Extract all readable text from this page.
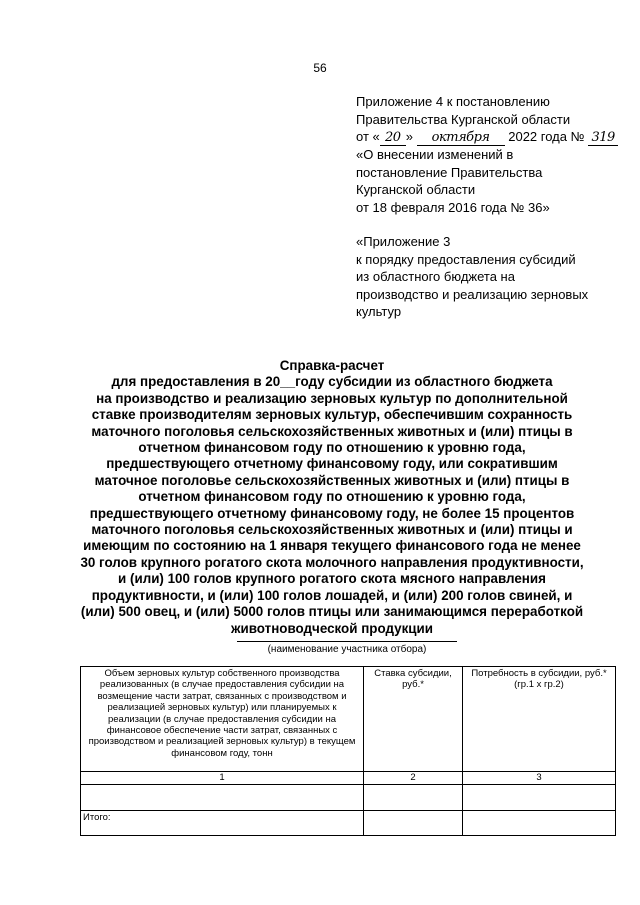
56
Приложение 4 к постановлению
Правительства Курганской области
от « 20 » октября 2022 года № 319
«О внесении изменений в
постановление Правительства
Курганской области
от 18 февраля 2016 года № 36»
«Приложение 3
к порядку предоставления субсидий
из областного бюджета на
производство и реализацию зерновых
культур
Справка-расчет
для предоставления в 20__году субсидии из областного бюджета
на производство и реализацию зерновых культур по дополнительной
ставке производителям зерновых культур, обеспечившим сохранность
маточного поголовья сельскохозяйственных животных и (или) птицы в
отчетном финансовом году по отношению к уровню года,
предшествующего отчетному финансовому году, или сократившим
маточное поголовье сельскохозяйственных животных и (или) птицы в
отчетном финансовом году по отношению к уровню года,
предшествующего отчетному финансовому году, не более 15 процентов
маточного поголовья сельскохозяйственных животных и (или) птицы и
имеющим по состоянию на 1 января текущего финансового года не менее
30 голов крупного рогатого скота молочного направления продуктивности,
и (или) 100 голов крупного рогатого скота мясного направления
продуктивности, и (или) 100 голов лошадей, и (или) 200 голов свиней, и
(или) 500 овец, и (или) 5000 голов птицы или занимающимся переработкой
животноводческой продукции
(наименование участника отбора)
Объем зерновых культур собственного производства реализованных (в случае предоставления субсидии на возмещение части затрат, связанных с производством и реализацией зерновых культур) или планируемых к реализации (в случае предоставления субсидии на финансовое обеспечение части затрат, связанных с производством и реализацией зерновых культур) в текущем финансовом году, тонн	Ставка субсидии, руб.*	Потребность в субсидии, руб.* (гр.1 х гр.2)
1	2	3

Итого:		
